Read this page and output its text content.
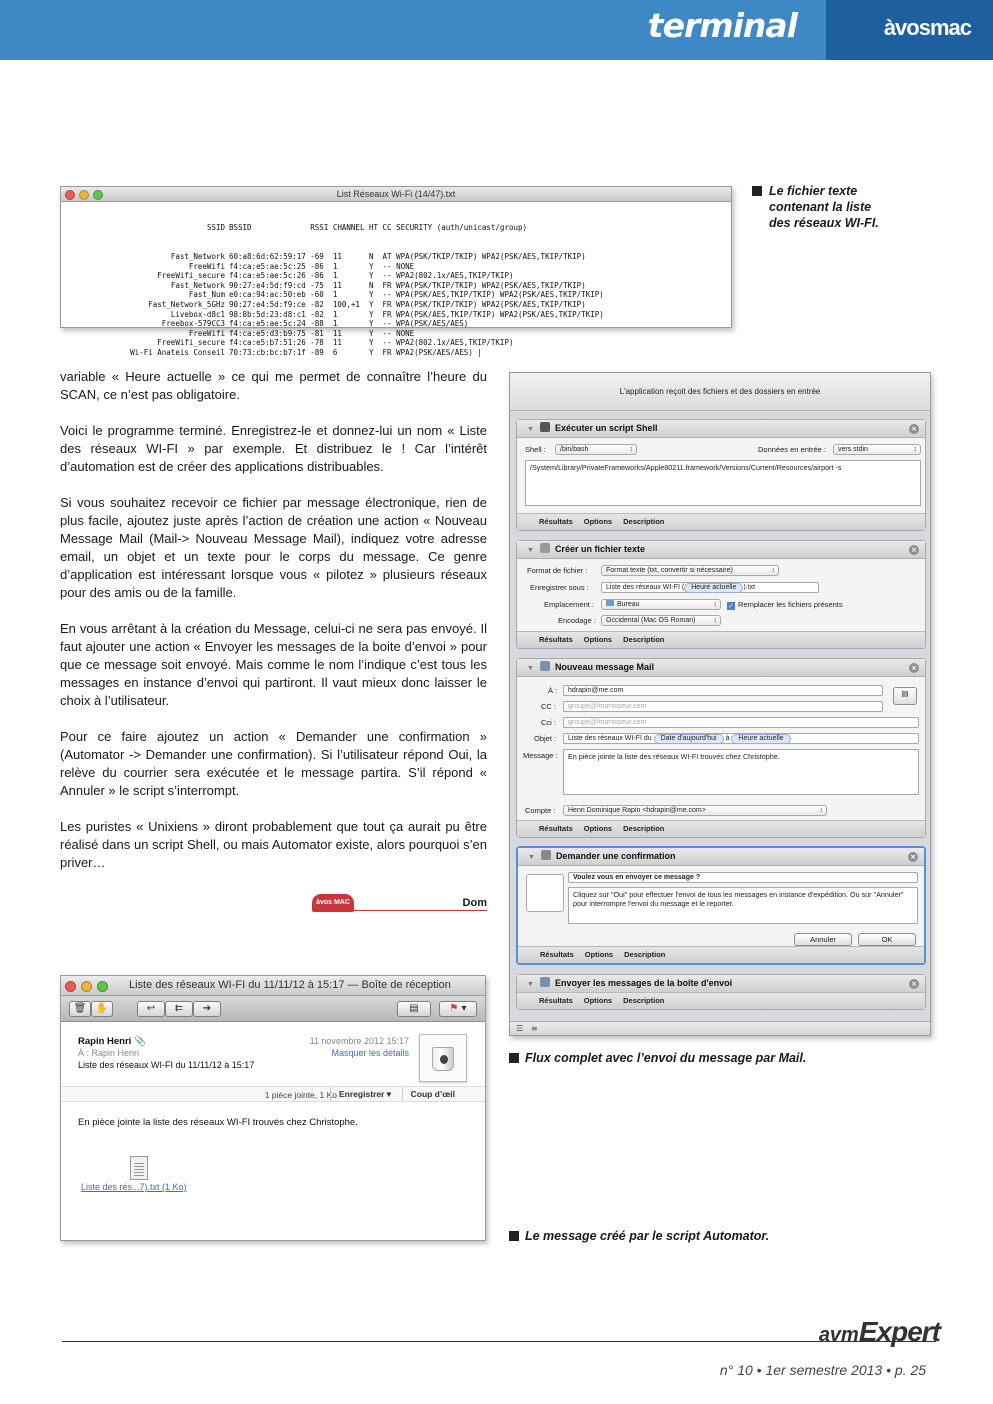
terminal	àvosmac
List Réseaux Wi-Fi (14/47).txt

SSID BSSID             RSSI CHANNEL HT CC SECURITY (auth/unicast/group)

Fast_Network 60:a8:6d:62:59:17 -69  11      N  AT WPA(PSK/TKIP/TKIP) WPA2(PSK/AES,TKIP/TKIP)
FreeWifi f4:ca:e5:ae:5c:25 -86  1       Y  -- NONE
FreeWifi_secure f4:ca:e5:ae:5c:26 -86  1       Y  -- WPA2(802.1x/AES,TKIP/TKIP)
Fast_Network 90:27:e4:5d:f9:cd -75  11      N  FR WPA(PSK/TKIP/TKIP) WPA2(PSK/AES,TKIP/TKIP)
Fast_Num e0:ca:94:ac:50:eb -60  1       Y  -- WPA(PSK/AES,TKIP/TKIP) WPA2(PSK/AES,TKIP/TKIP)
Fast_Network_5GHz 90:27:e4:5d:f9:ce -82  100,+1  Y  FR WPA(PSK/TKIP/TKIP) WPA2(PSK/AES,TKIP/TKIP)
Livebox-d8c1 98:8b:5d:23:d8:c1 -82  1       Y  FR WPA(PSK/AES,TKIP/TKIP) WPA2(PSK/AES,TKIP/TKIP)
Freebox-579CC3 f4:ca:e5:ae:5c:24 -88  1       Y  -- WPA(PSK/AES/AES)
FreeWifi f4:ca:e5:d3:b9:75 -81  11      Y  -- NONE
FreeWifi_secure f4:ca:e5:b7:51:26 -78  11      Y  -- WPA2(802.1x/AES,TKIP/TKIP)
Wi-Fi Anateis Conseil 70:73:cb:bc:b7:1f -89  6       Y  FR WPA2(PSK/AES/AES) |

Le fichier texte
contenant la liste
des réseaux WI-FI.

variable « Heure actuelle » ce qui me permet de connaître l’heure du SCAN, ce n’est pas obligatoire.

Voici le programme terminé. Enregistrez-le et donnez-lui un nom « Liste des réseaux WI-FI » par exemple. Et distribuez le ! Car l’intérêt d’automation est de créer des applications distribuables.

Si vous souhaitez recevoir ce fichier par message électronique, rien de plus facile, ajoutez juste après l’action de création une action « Nouveau Message Mail (Mail-> Nouveau Message Mail), indiquez votre adresse email, un objet et un texte pour le corps du message. Ce genre d’application est intéressant lorsque vous « pilotez » plusieurs réseaux pour des amis ou de la famille.

En vous arrêtant à la création du Message, celui-ci ne sera pas envoyé. Il faut ajouter une action « Envoyer les messages de la boite d’envoi » pour que ce message soit envoyé. Mais comme le nom l’indique c’est tous les messages en instance d’envoi qui partiront. Il vaut mieux donc laisser le choix à l’utilisateur.

Pour ce faire ajoutez un action « Demander une confirmation » (Automator -> Demander une confirmation). Si l’utilisateur répond Oui, la relève du courrier sera exécutée et le message partira. S’il répond « Annuler » le script s’interrompt.

Les puristes « Unixiens » diront probablement que tout ça aurait pu être réalisé dans un script Shell, ou mais Automator existe, alors pourquoi s’en priver…

àvos MAC	Dom
L'application reçoit des fichiers et des dossiers en entrée
▼ Exécuter un script Shell	×
Shell :	/bin/bash ↕	Données en entrée :	vers stdin ↕
/System/Library/PrivateFrameworks/Apple80211.framework/Versions/Current/Resources/airport -s
Résultats Options Description
▼ Créer un fichier texte	×
Format de fichier :	Format texte (txt, convertir si nécessaire) ↕
Enregistrer sous :	Liste des réseaux WI-FI ( Heure actuelle ).txt
Emplacement :	Bureau ↕	✓ Remplacer les fichiers présents
Encodage :	Occidental (Mac OS Roman) ↕
Résultats Options Description
▼ Nouveau message Mail	×
À :	hdrapin@me.com	▤
CC :	groupe@fournisseur.com
Cci :	groupe@fournisseur.com
Objet :	Liste des réseaux WI-FI du Date d'aujourd'hui à Heure actuelle
Message :	En pièce jointe la liste des réseaux WI-FI trouvés chez Christophe.
Compte :	Henri Dominique Rapin <hdrapin@me.com> ↕
Résultats Options Description
▼ Demander une confirmation	×
Voulez vous en envoyer ce message ?
Cliquez sur "Oui" pour effectuer l'envoi de tous les messages en instance d'expédition. Ou sur "Annuler" pour interrompre l'envoi du message et le reporter.
Annuler	OK
Résultats Options Description
▼ Envoyer les messages de la boîte d'envoi	×
Résultats Options Description
☰ ≡
Flux complet avec l’envoi du message par Mail.
Liste des réseaux WI-FI du 11/11/12 à 15:17 — Boîte de réception
🗑 ✋	↩	⇇	➔	▤	⚑ ▾
Rapin Henri 📎
À : Rapin Henri
Liste des réseaux WI-FI du 11/11/12 à 15:17
11 novembre 2012 15:17
Masquer les détails
1 pièce jointe, 1 Ko Enregistrer ▾	Coup d’œil
En pièce jointe la liste des réseaux WI-FI trouvés chez Christophe.
Liste des rés...7).txt (1 Ko)
Le message créé par le script Automator.
avmExpert
n° 10 • 1er semestre 2013 • p. 25
